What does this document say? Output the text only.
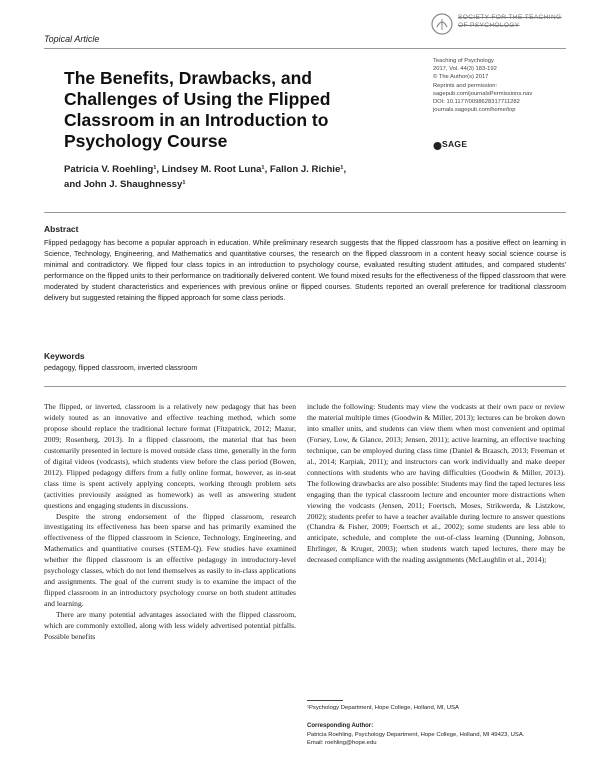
Topical Article
SOCIETY FOR THE TEACHING
OF PSYCHOLOGY
The Benefits, Drawbacks, and Challenges of Using the Flipped Classroom in an Introduction to Psychology Course
Teaching of Psychology
2017, Vol. 44(3) 183-192
© The Author(s) 2017
Reprints and permission:
sagepub.com/journalsPermissions.nav
DOI: 10.1177/0098628317711282
journals.sagepub.com/home/top
SAGE
Patricia V. Roehling¹, Lindsey M. Root Luna¹, Fallon J. Richie¹,
and John J. Shaughnessy¹
Abstract
Flipped pedagogy has become a popular approach in education. While preliminary research suggests that the flipped classroom has a positive effect on learning in Science, Technology, Engineering, and Mathematics and quantitative courses, the research on the flipped classroom in a content heavy social science course is minimal and contradictory. We flipped four class topics in an introduction to psychology course, evaluated resulting student attitudes, and compared students' performance on the flipped units to their performance on traditionally delivered content. We found mixed results for the effectiveness of the flipped classroom that were moderated by student characteristics and experiences with previous online or flipped courses. Students reported an overall preference for traditional classroom delivery but suggested retaining the flipped approach for some class periods.
Keywords
pedagogy, flipped classroom, inverted classroom

The flipped, or inverted, classroom is a relatively new pedagogy that has been widely touted as an innovative and effective teaching method, which some propose should replace the traditional lecture format (Fitzpatrick, 2012; Mazur, 2009; Rosenberg, 2013). In a flipped classroom, the material that has been customarily presented in lecture is moved outside class time, generally in the form of digital videos (vodcasts), which students view before the class period (Bowen, 2012). Flipped pedagogy differs from a fully online format, however, as in-seat class time is spent actively applying concepts, working through problem sets (activities previously assigned as homework) as well as answering student questions and engaging students in discussions.

Despite the strong endorsement of the flipped classroom, research investigating its effectiveness has been sparse and has primarily examined the effectiveness of the flipped classroom in Science, Technology, Engineering, and Mathematics and quantitative courses (STEM-Q). Few studies have examined whether the flipped classroom is an effective pedagogy in introductory-level psychology classes, which do not lend themselves as easily to in-class applications and assignments. The goal of the current study is to examine the impact of the flipped classroom in an introductory psychology course on both student attitudes and learning.

There are many potential advantages associated with the flipped classroom, which are commonly extolled, along with less widely advertised potential pitfalls. Possible benefits

include the following: Students may view the vodcasts at their own pace or review the material multiple times (Goodwin & Miller, 2013); lectures can be broken down into smaller units, and students can view them when most convenient and optimal (Forsey, Low, & Glance, 2013; Jensen, 2011); active learning, an effective teaching technique, can be employed during class time (Daniel & Braasch, 2013; Freeman et al., 2014; Karpiak, 2011); and instructors can work individually and make deeper connections with students who are having difficulties (Goodwin & Miller, 2013). The following drawbacks are also possible: Students may find the taped lectures less engaging than the typical classroom lecture and encounter more distractions when viewing the vodcasts (Jensen, 2011; Foertsch, Moses, Strikwerda, & Listzkow, 2002); students prefer to have a teacher available during lecture to answer questions (Chandra & Fisher, 2009; Foertsch et al., 2002); some students are less able to anticipate, schedule, and complete the out-of-class learning (Dunning, Johnson, Ehrlinger, & Kruger, 2003); when students watch taped lectures, there may be decreased compliance with the reading assignments (McLaughlin et al., 2014);

¹Psychology Department, Hope College, Holland, MI, USA
Corresponding Author:
Patricia Roehling, Psychology Department, Hope College, Holland, MI 49423, USA.
Email: roehling@hope.edu
